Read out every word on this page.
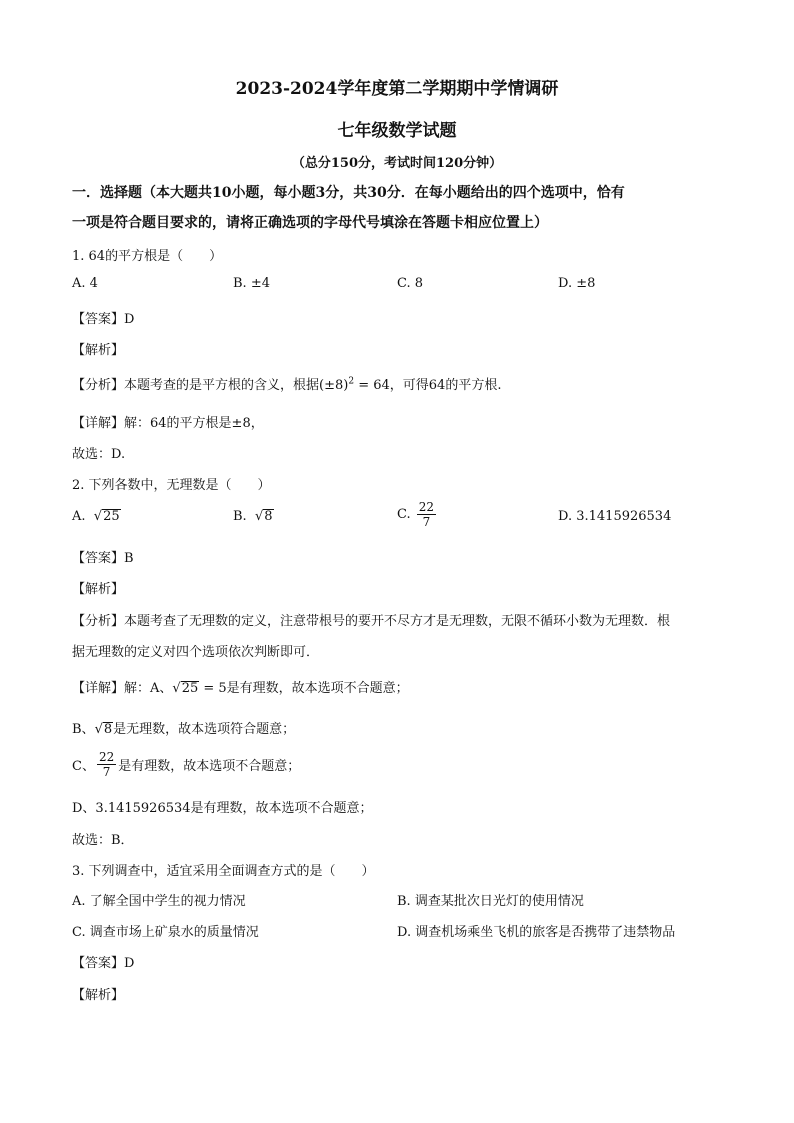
2023-2024学年度第二学期期中学情调研
七年级数学试题
（总分150分，考试时间120分钟）
一．选择题（本大题共10小题，每小题3分，共30分．在每小题给出的四个选项中，恰有
一项是符合题目要求的，请将正确选项的字母代号填涂在答题卡相应位置上）
1. 64的平方根是（　　）
A. 4	B. ±4	C. 8	D. ±8
【答案】D
【解析】
【分析】本题考查的是平方根的含义，根据$(\pm 8)^2 = 64$，可得64的平方根.
【详解】解：64的平方根是±8，
故选：D.
2. 下列各数中，无理数是（　　）
A. √25	B. √8	C. $\frac{22}{7}$	D. 3.1415926534
【答案】B
【解析】
【分析】本题考查了无理数的定义，注意带根号的要开不尽方才是无理数，无限不循环小数为无理数．根
据无理数的定义对四个选项依次判断即可．
【详解】解：A、√25 = 5是有理数，故本选项不合题意；
B、√8是无理数，故本选项符合题意；
C、 $\frac{22}{7}$ 是有理数，故本选项不合题意；
D、3.1415926534是有理数，故本选项不合题意；
故选：B．
3. 下列调查中，适宜采用全面调查方式的是（　　）
A. 了解全国中学生的视力情况	B. 调查某批次日光灯的使用情况
C. 调查市场上矿泉水的质量情况	D. 调查机场乘坐飞机的旅客是否携带了违禁物品
【答案】D
【解析】
